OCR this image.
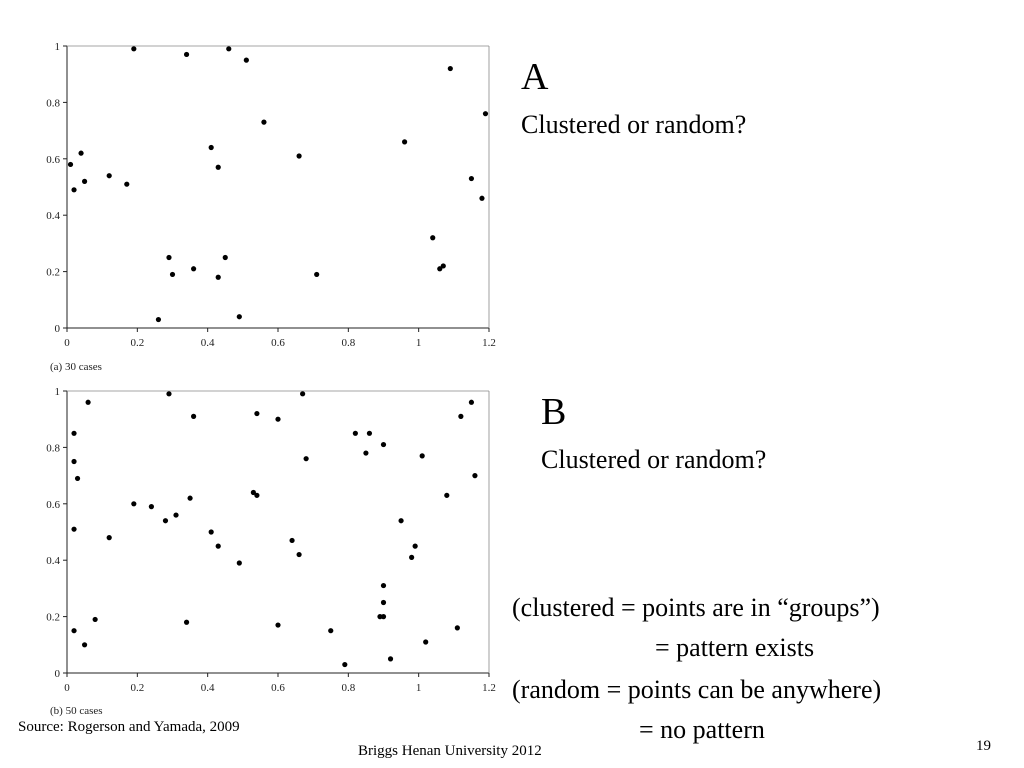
0	0.2	0.4	0.6	0.8	1	1.2
0
0.2
0.4
0.6
0.8
1
(a) 30 cases
0	0.2	0.4	0.6	0.8	1	1.2
0
0.2
0.4
0.6
0.8
1
(b) 50 cases
A
Clustered or random?
B
Clustered or random?
(clustered = points are in “groups”)
= pattern exists
(random = points can be anywhere)
= no pattern
Source: Rogerson and Yamada, 2009
Briggs Henan University 2012	19
